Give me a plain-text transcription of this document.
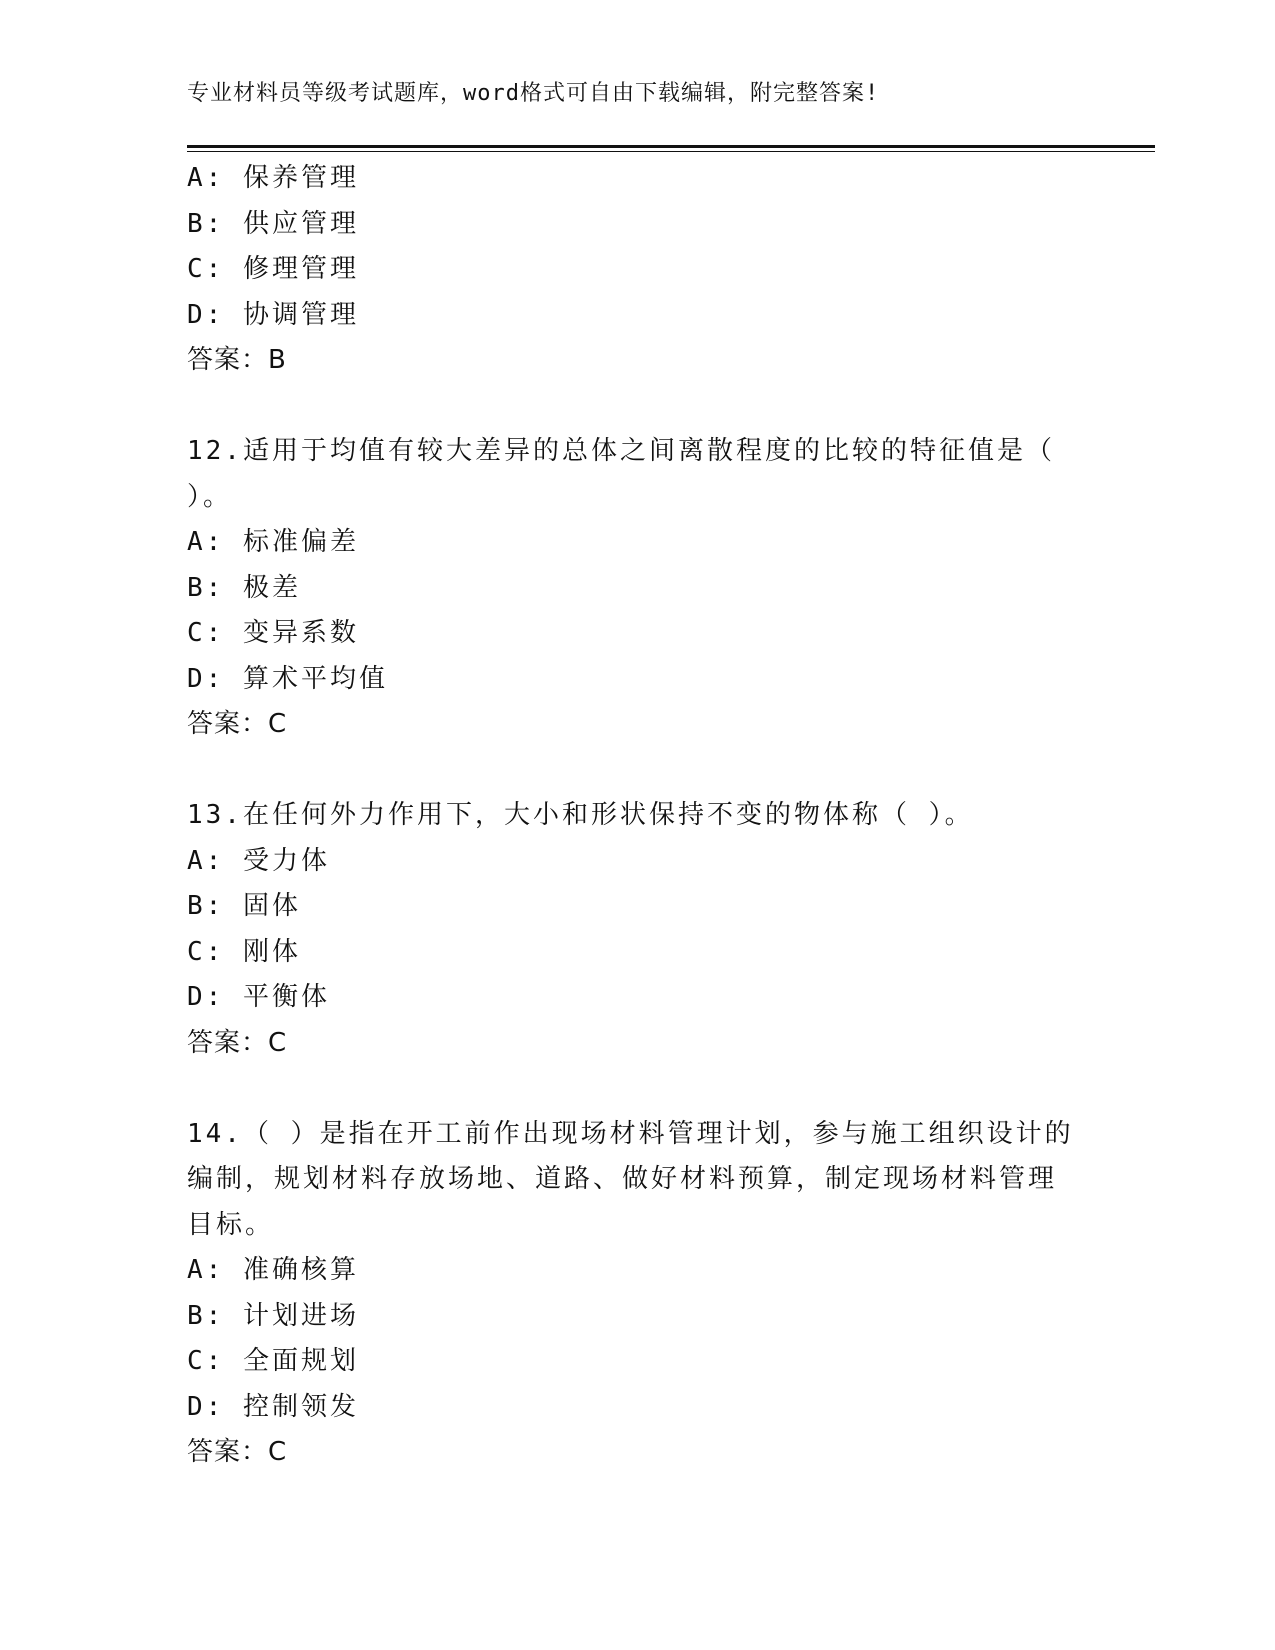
专业材料员等级考试题库，word格式可自由下载编辑，附完整答案!
A: 保养管理
B: 供应管理
C: 修理管理
D: 协调管理
答案：B
12.适用于均值有较大差异的总体之间离散程度的比较的特征值是（
）。
A: 标准偏差
B: 极差
C: 变异系数
D: 算术平均值
答案：C
13.在任何外力作用下，大小和形状保持不变的物体称（ ）。
A: 受力体
B: 固体
C: 刚体
D: 平衡体
答案：C
14.（ ）是指在开工前作出现场材料管理计划，参与施工组织设计的
编制，规划材料存放场地、道路、做好材料预算，制定现场材料管理
目标。
A: 准确核算
B: 计划进场
C: 全面规划
D: 控制领发
答案：C
